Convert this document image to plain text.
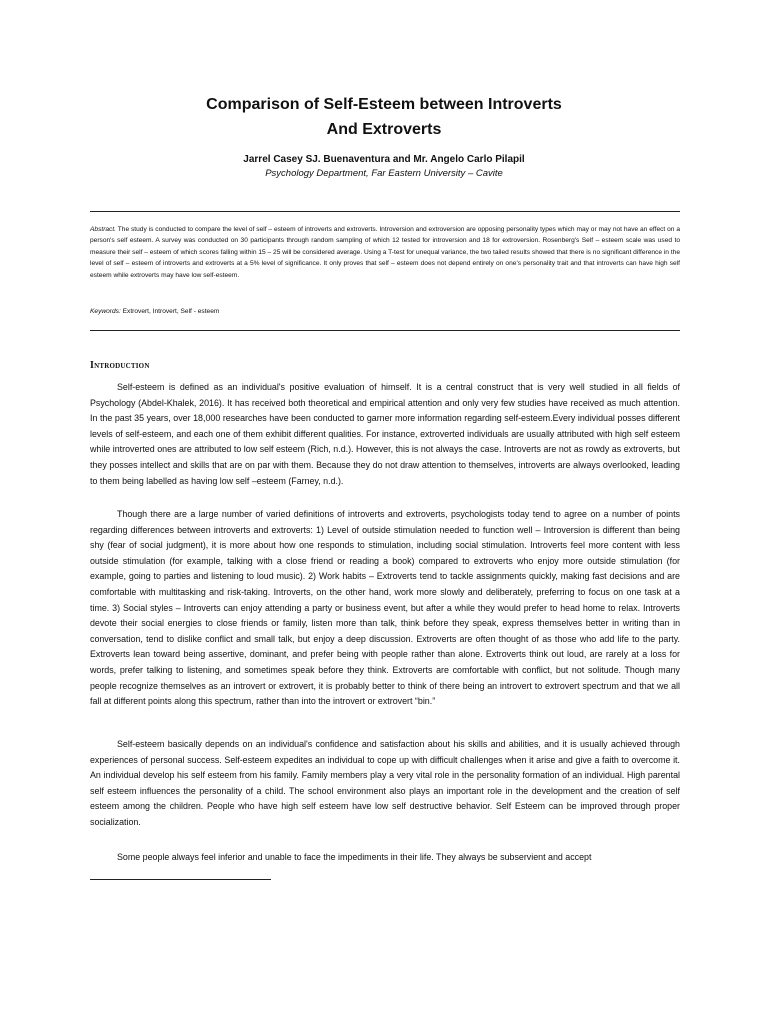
Comparison of Self-Esteem between Introverts
And Extroverts
Jarrel Casey SJ. Buenaventura and Mr. Angelo Carlo Pilapil
Psychology Department, Far Eastern University – Cavite

Abstract. The study is conducted to compare the level of self – esteem of introverts and extroverts. Introversion and extroversion are opposing personality types which may or may not have an effect on a person's self esteem. A survey was conducted on 30 participants through random sampling of which 12 tested for introversion and 18 for extroversion. Rosenberg's Self – esteem scale was used to measure their self – esteem of which scores falling within 15 – 25 will be considered average. Using a T-test for unequal variance, the two tailed results showed that there is no significant difference in the level of self – esteem of introverts and extroverts at a 5% level of significance. It only proves that self – esteem does not depend entirely on one's personality trait and that introverts can have high self esteem while extroverts may have low self-esteem.

Keywords: Extrovert, Introvert, Self - esteem

Introduction

Self-esteem is defined as an individual's positive evaluation of himself. It is a central construct that is very well studied in all fields of Psychology (Abdel-Khalek, 2016). It has received both theoretical and empirical attention and only very few studies have received as much attention. In the past 35 years, over 18,000 researches have been conducted to garner more information regarding self-esteem.Every individual posses different levels of self-esteem, and each one of them exhibit different qualities. For instance, extroverted individuals are usually attributed with high self esteem while introverted ones are attributed to low self esteem (Rich, n.d.). However, this is not always the case. Introverts are not as rowdy as extroverts, but they posses intellect and skills that are on par with them. Because they do not draw attention to themselves, introverts are always overlooked, leading to them being labelled as having low self –esteem (Farney, n.d.).

Though there are a large number of varied definitions of introverts and extroverts, psychologists today tend to agree on a number of points regarding differences between introverts and extroverts: 1) Level of outside stimulation needed to function well – Introversion is different than being shy (fear of social judgment), it is more about how one responds to stimulation, including social stimulation. Introverts feel more content with less outside stimulation (for example, talking with a close friend or reading a book) compared to extroverts who enjoy more outside stimulation (for example, going to parties and listening to loud music). 2) Work habits – Extroverts tend to tackle assignments quickly, making fast decisions and are comfortable with multitasking and risk-taking. Introverts, on the other hand, work more slowly and deliberately, preferring to focus on one task at a time. 3) Social styles – Introverts can enjoy attending a party or business event, but after a while they would prefer to head home to relax. Introverts devote their social energies to close friends or family, listen more than talk, think before they speak, express themselves better in writing than in conversation, tend to dislike conflict and small talk, but enjoy a deep discussion. Extroverts are often thought of as those who add life to the party. Extroverts lean toward being assertive, dominant, and prefer being with people rather than alone. Extroverts think out loud, are rarely at a loss for words, prefer talking to listening, and sometimes speak before they think. Extroverts are comfortable with conflict, but not solitude. Though many people recognize themselves as an introvert or extrovert, it is probably better to think of there being an introvert to extrovert spectrum and that we all fall at different points along this spectrum, rather than into the introvert or extrovert “bin.”

Self-esteem basically depends on an individual's confidence and satisfaction about his skills and abilities, and it is usually achieved through experiences of personal success. Self-esteem expedites an individual to cope up with difficult challenges when it arise and give a faith to overcome it. An individual develop his self esteem from his family. Family members play a very vital role in the personality formation of an individual. High parental self esteem influences the personality of a child. The school environment also plays an important role in the development and the creation of self esteem among the children. People who have high self esteem have low self destructive behavior. Self Esteem can be improved through proper socialization.

Some people always feel inferior and unable to face the impediments in their life. They always be subservient and accept
